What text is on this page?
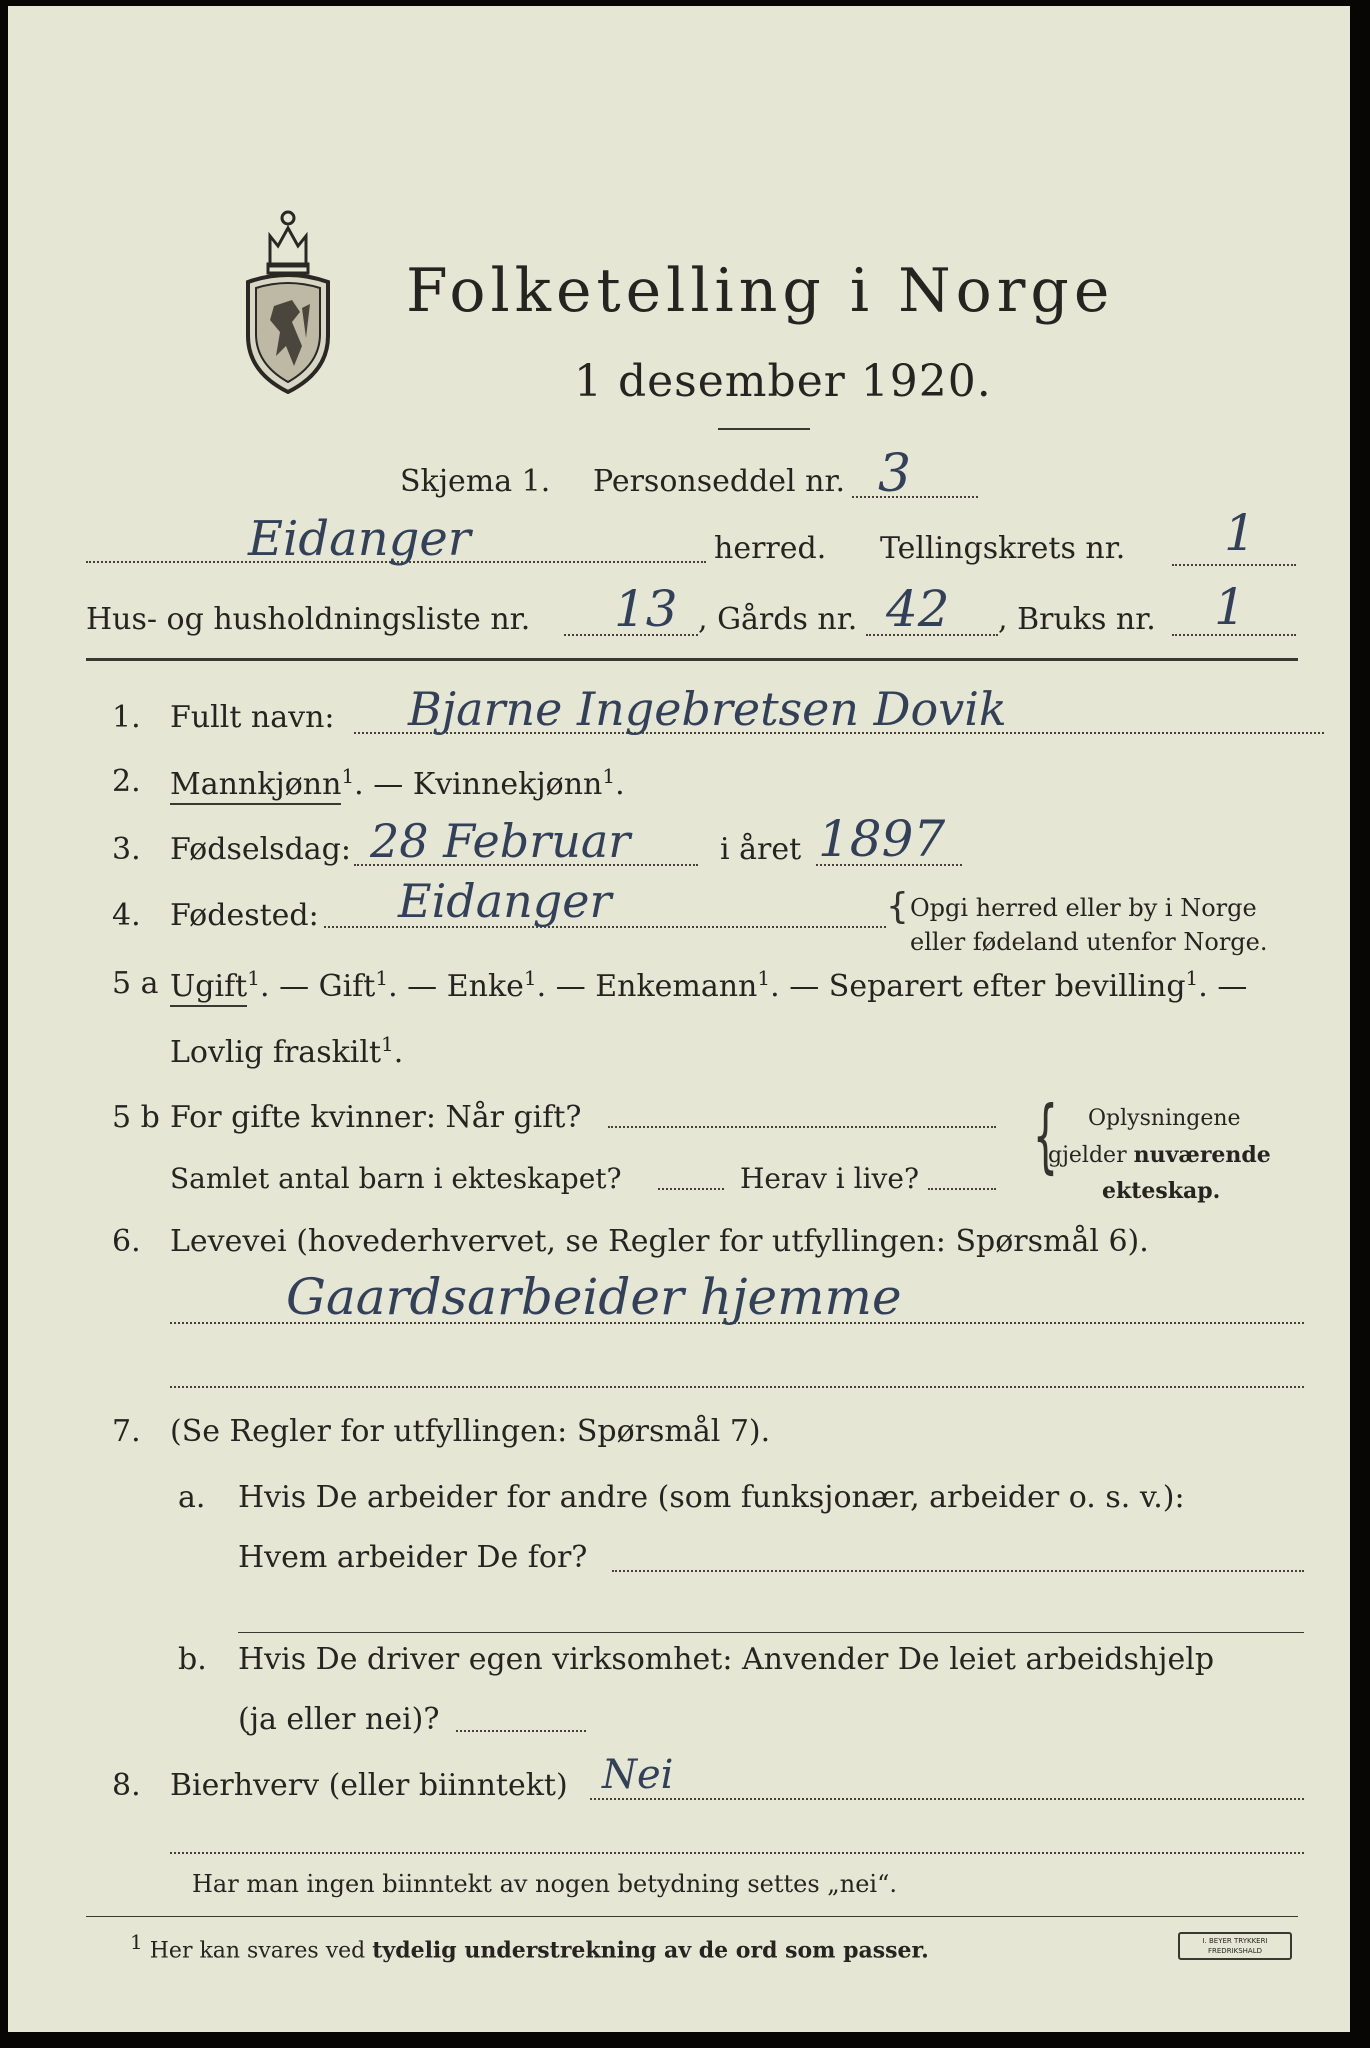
Folketelling i Norge
1 desember 1920.
Skjema 1. Personseddel nr. 3
Eidanger	herred. Tellingskrets nr. 1
Hus- og husholdningsliste nr. 13 , Gårds nr. 42 , Bruks nr. 1
1. Fullt navn: Bjarne Ingebretsen Dovik
2. Mannkjønn$^1$. — Kvinnekjønn$^1$.
3. Fødselsdag: 28 Februar	i året 1897
4. Fødested: Eidanger	{ Opgi herred eller by i Norge
eller fødeland utenfor Norge.
5 a Ugift$^1$. — Gift$^1$. — Enke$^1$. — Enkemann$^1$. — Separert efter bevilling$^1$. —
Lovlig fraskilt$^1$.
5 b For gifte kvinner: Når gift?
Samlet antal barn i ekteskapet?	Herav i live? { Oplysningene
gjelder nuværende
ekteskap.
6. Levevei (hovederhvervet, se Regler for utfyllingen: Spørsmål 6).
Gaardsarbeider hjemme
7. (Se Regler for utfyllingen: Spørsmål 7).
a. Hvis De arbeider for andre (som funksjonær, arbeider o. s. v.):
Hvem arbeider De for?
b. Hvis De driver egen virksomhet: Anvender De leiet arbeidshjelp
(ja eller nei)?
8. Bierhverv (eller biinntekt) Nei
Har man ingen biinntekt av nogen betydning settes „nei“.
$^1$ Her kan svares ved tydelig understrekning av de ord som passer.	I. BEYER TRYKKERI FREDRIKSHALD
